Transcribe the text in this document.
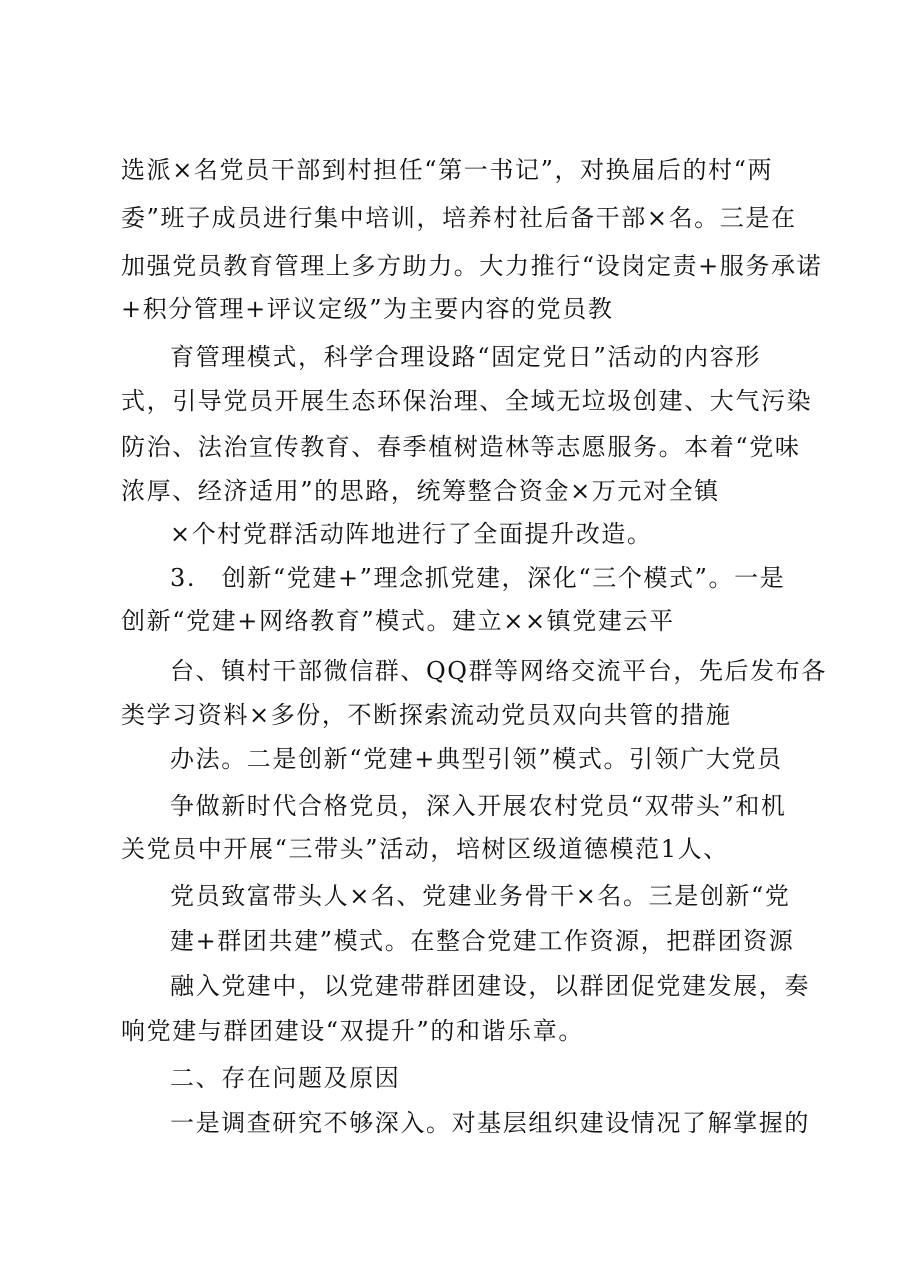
选派×名党员干部到村担任“第一书记”，对换届后的村“两
委”班子成员进行集中培训，培养村社后备干部×名。三是在
加强党员教育管理上多方助力。大力推行“设岗定责+服务承诺
+积分管理+评议定级”为主要内容的党员教
育管理模式，科学合理设路“固定党日”活动的内容形
式，引导党员开展生态环保治理、全域无垃圾创建、大气污染
防治、法治宣传教育、春季植树造林等志愿服务。本着“党味
浓厚、经济适用”的思路，统筹整合资金×万元对全镇
×个村党群活动阵地进行了全面提升改造。
3.　创新“党建+”理念抓党建，深化“三个模式”。一是
创新“党建+网络教育”模式。建立××镇党建云平
台、镇村干部微信群、QQ群等网络交流平台，先后发布各
类学习资料×多份，不断探索流动党员双向共管的措施
办法。二是创新“党建+典型引领”模式。引领广大党员
争做新时代合格党员，深入开展农村党员“双带头”和机
关党员中开展“三带头”活动，培树区级道德模范1人、
党员致富带头人×名、党建业务骨干×名。三是创新“党
建+群团共建”模式。在整合党建工作资源，把群团资源
融入党建中，以党建带群团建设，以群团促党建发展，奏
响党建与群团建设“双提升”的和谐乐章。
二、存在问题及原因
一是调查研究不够深入。对基层组织建设情况了解掌握的
